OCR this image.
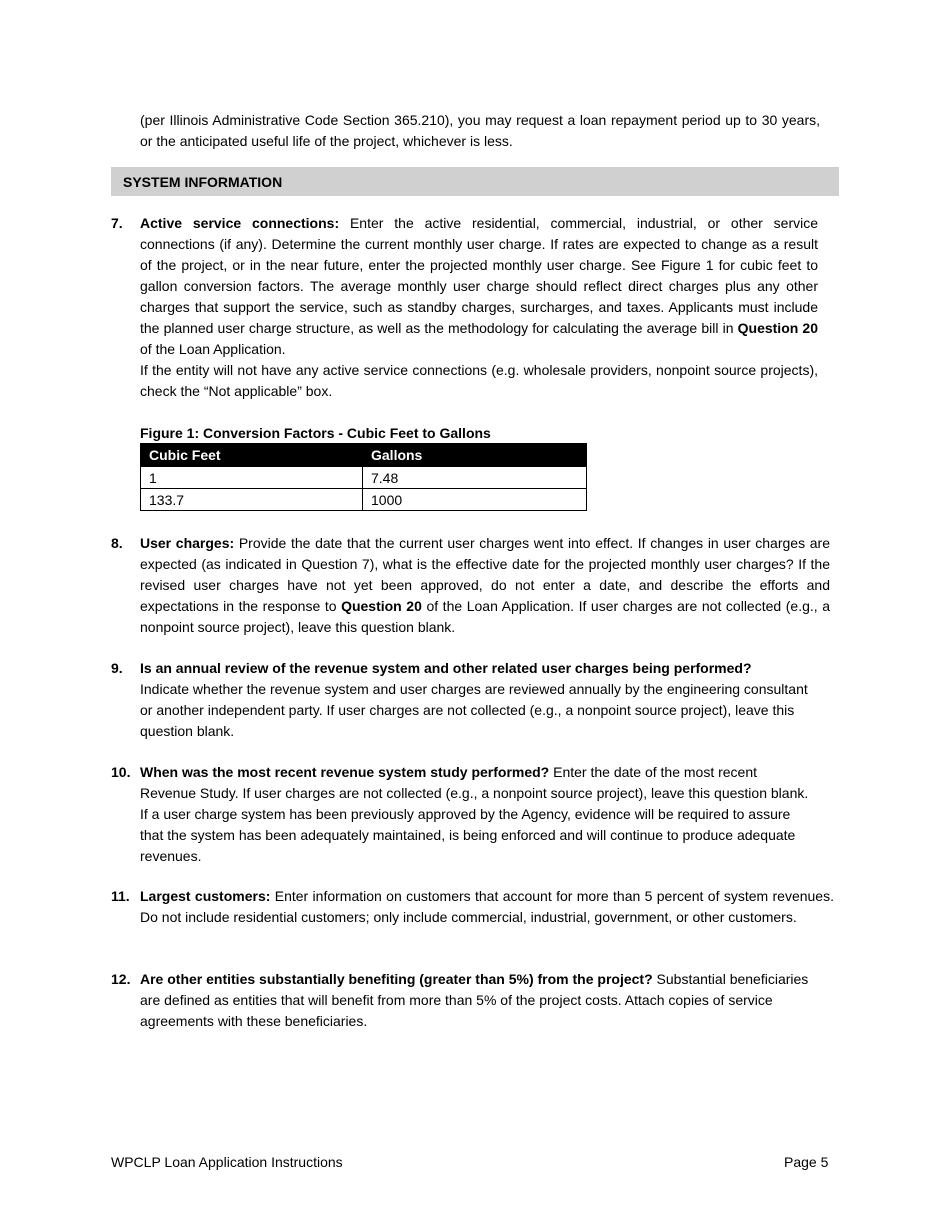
(per Illinois Administrative Code Section 365.210), you may request a loan repayment period up to 30 years, or the anticipated useful life of the project, whichever is less.
SYSTEM INFORMATION
7.	Active service connections: Enter the active residential, commercial, industrial, or other service connections (if any). Determine the current monthly user charge. If rates are expected to change as a result of the project, or in the near future, enter the projected monthly user charge. See Figure 1 for cubic feet to gallon conversion factors. The average monthly user charge should reflect direct charges plus any other charges that support the service, such as standby charges, surcharges, and taxes. Applicants must include the planned user charge structure, as well as the methodology for calculating the average bill in Question 20 of the Loan Application.

If the entity will not have any active service connections (e.g. wholesale providers, nonpoint source projects), check the “Not applicable” box.

Figure 1: Conversion Factors - Cubic Feet to Gallons
Cubic Feet	Gallons
1	7.48
133.7	1000
8.	User charges: Provide the date that the current user charges went into effect. If changes in user charges are expected (as indicated in Question 7), what is the effective date for the projected monthly user charges? If the revised user charges have not yet been approved, do not enter a date, and describe the efforts and expectations in the response to Question 20 of the Loan Application. If user charges are not collected (e.g., a nonpoint source project), leave this question blank.

9.	Is an annual review of the revenue system and other related user charges being performed?

Indicate whether the revenue system and user charges are reviewed annually by the engineering consultant or another independent party. If user charges are not collected (e.g., a nonpoint source project), leave this question blank.

10. When was the most recent revenue system study performed? Enter the date of the most recent Revenue Study. If user charges are not collected (e.g., a nonpoint source project), leave this question blank. If a user charge system has been previously approved by the Agency, evidence will be required to assure that the system has been adequately maintained, is being enforced and will continue to produce adequate revenues.

11. Largest customers: Enter information on customers that account for more than 5 percent of system revenues. Do not include residential customers; only include commercial, industrial, government, or other customers.

12. Are other entities substantially benefiting (greater than 5%) from the project? Substantial beneficiaries are defined as entities that will benefit from more than 5% of the project costs. Attach copies of service agreements with these beneficiaries.

WPCLP Loan Application Instructions	Page 5
